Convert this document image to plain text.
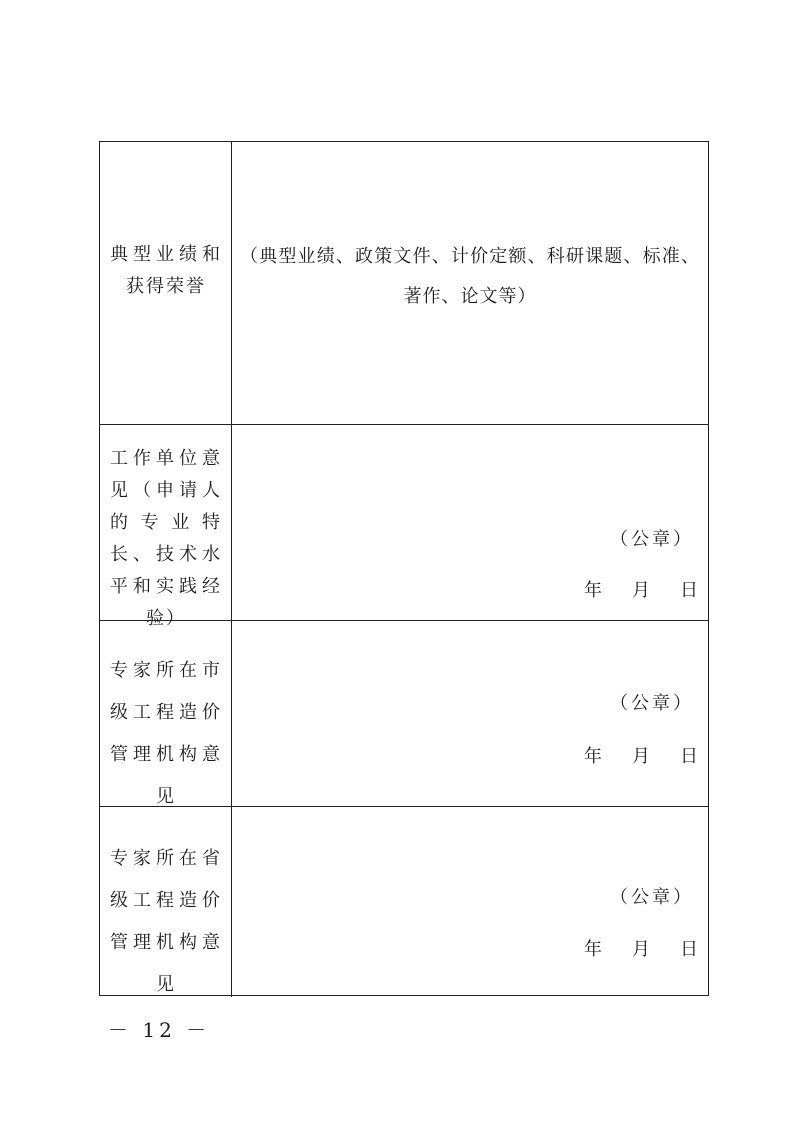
典型业绩和获得荣誉
（典型业绩、政策文件、计价定额、科研课题、标准、著作、论文等）
工作单位意见（申请人的专业特长、技术水平和实践经验）
（公章）
年 月 日
专家所在市级工程造价管理机构意见
（公章）
年 月 日
专家所在省级工程造价管理机构意见
（公章）
年 月 日
－ 12 －
